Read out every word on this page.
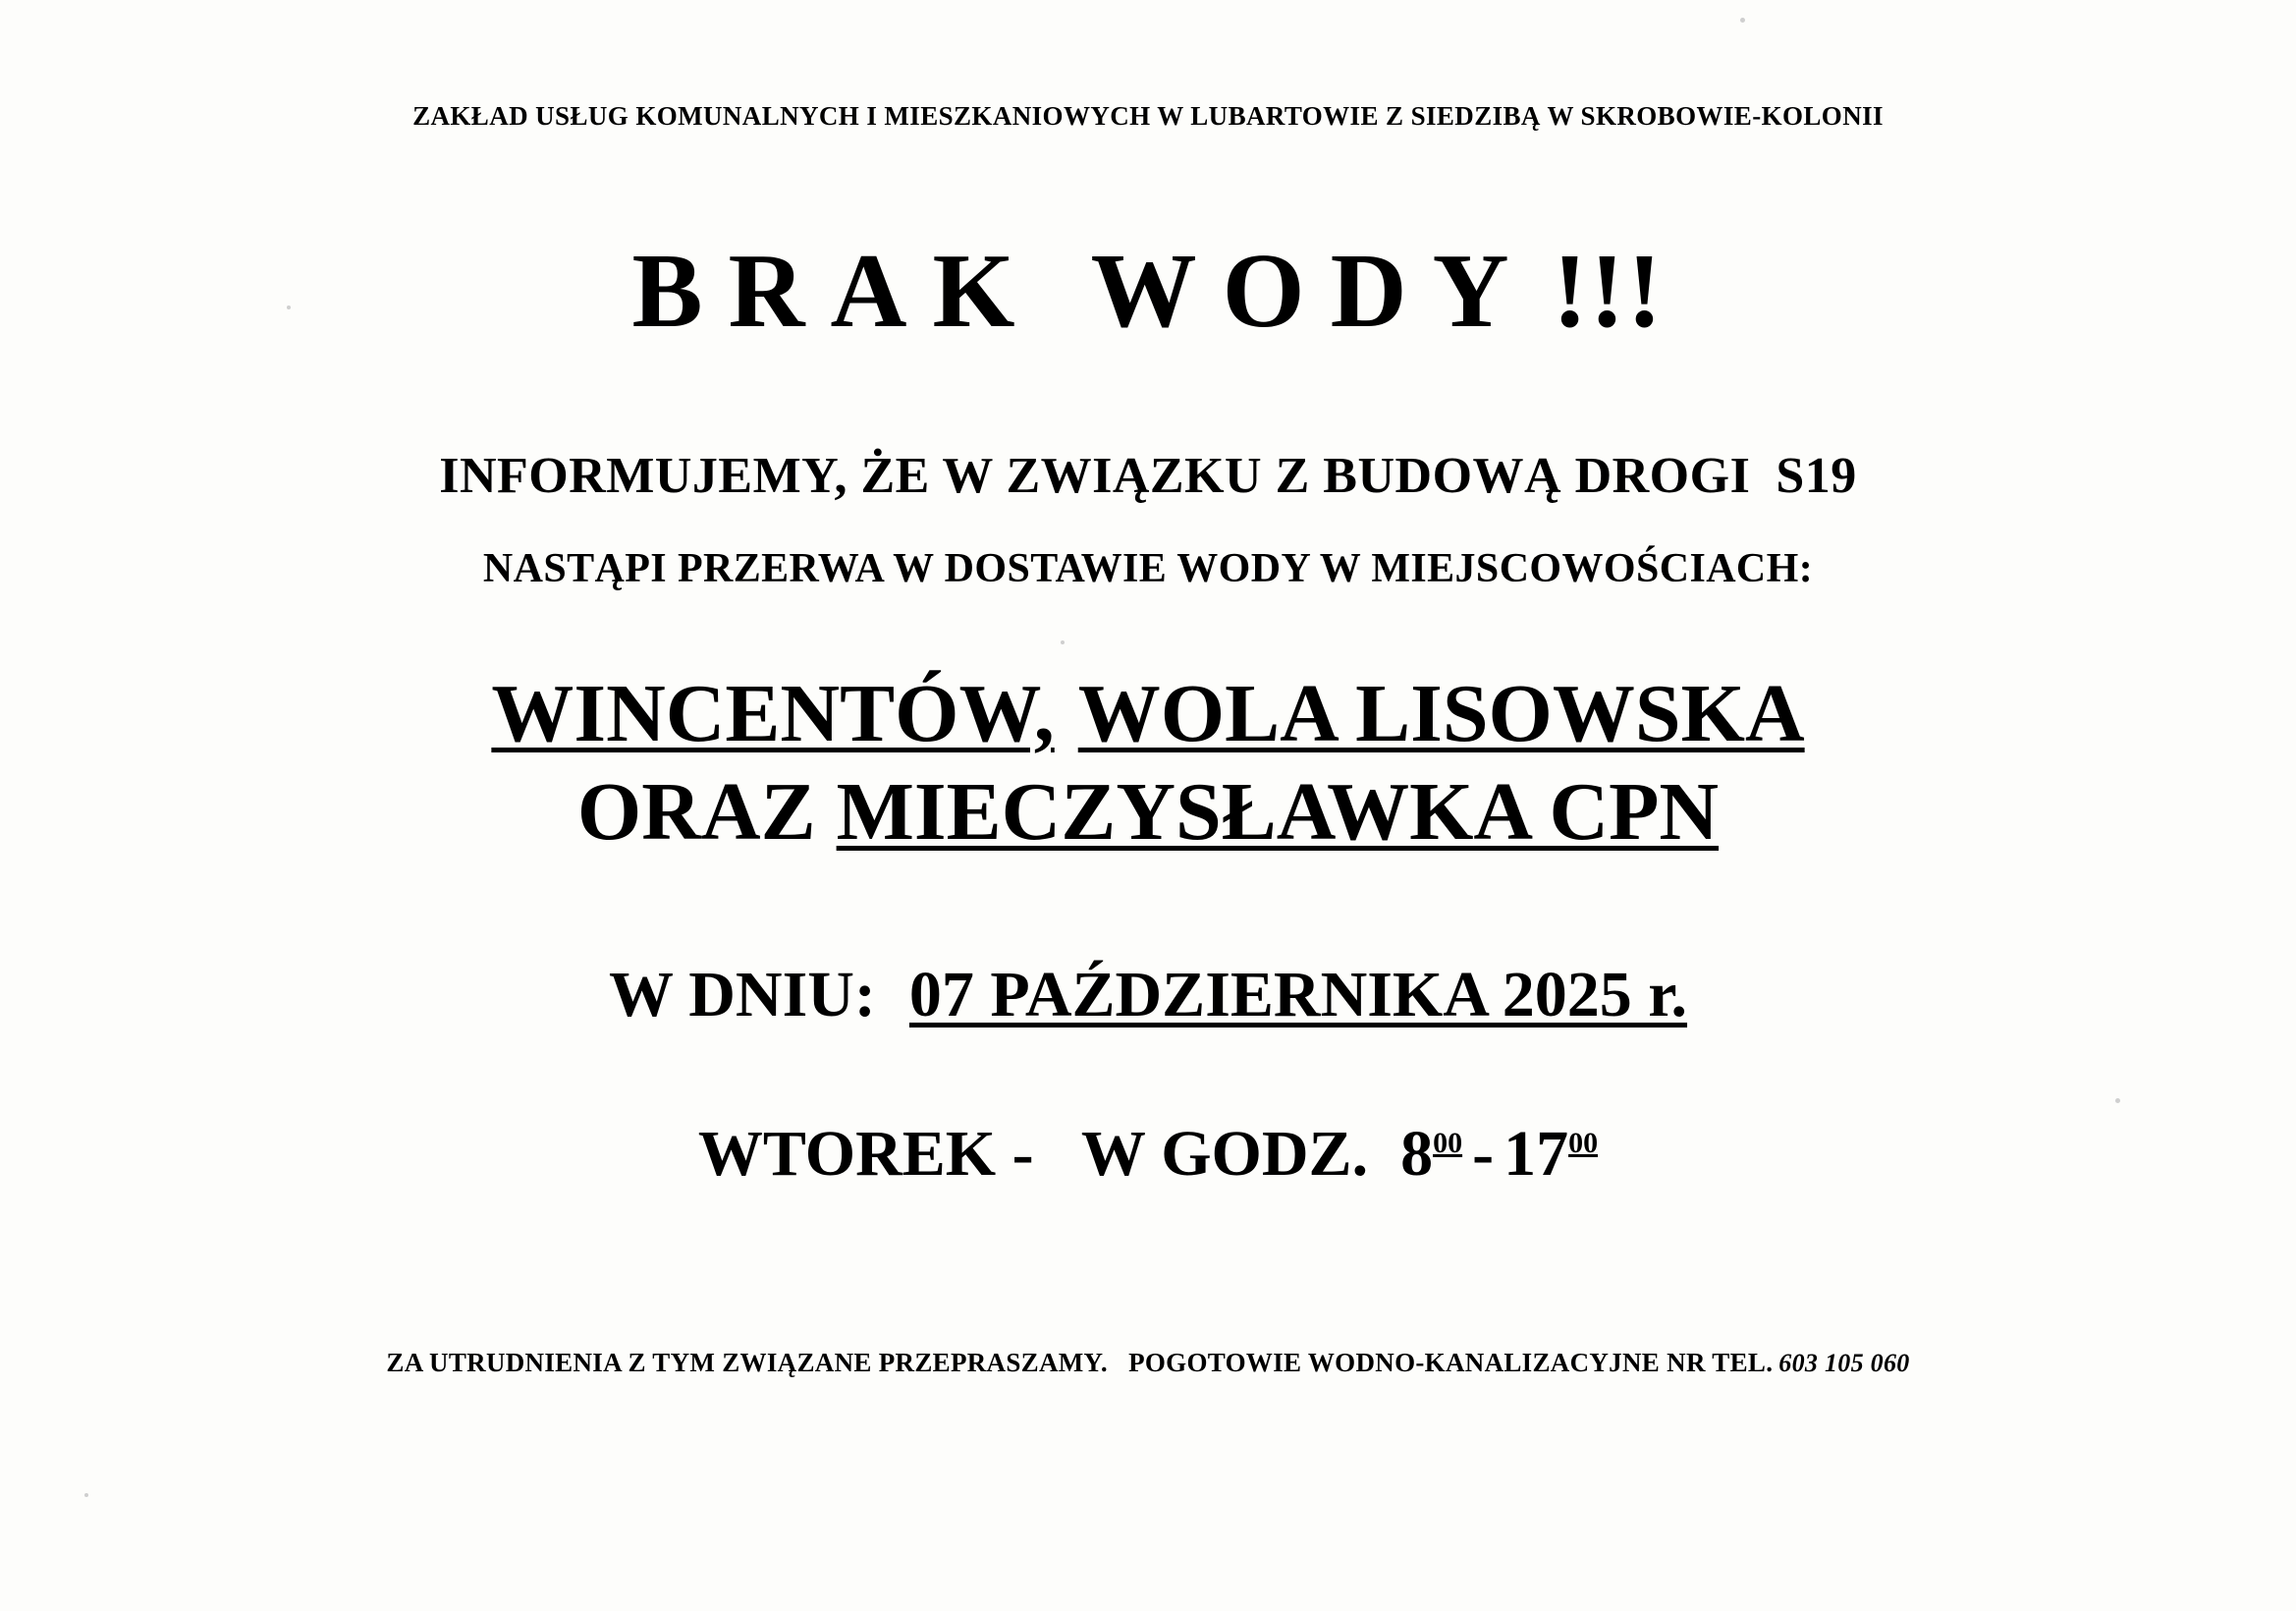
ZAKŁAD USŁUG KOMUNALNYCH I MIESZKANIOWYCH W LUBARTOWIE Z SIEDZIBĄ W SKROBOWIE-KOLONII
BRAK WODY !!!
INFORMUJEMY, ŻE W ZWIĄZKU Z BUDOWĄ DROGI S19
NASTĄPI PRZERWA W DOSTAWIE WODY W MIEJSCOWOŚCIACH:
WINCENTÓW, WOLA LISOWSKA
ORAZ MIECZYSŁAWKA CPN
W DNIU: 07 PAŹDZIERNIKA 2025 r.
WTOREK - W GODZ. $8^{00} - 17^{00}$
ZA UTRUDNIENIA Z TYM ZWIĄZANE PRZEPRASZAMY. POGOTOWIE WODNO-KANALIZACYJNE NR TEL. 603 105 060
